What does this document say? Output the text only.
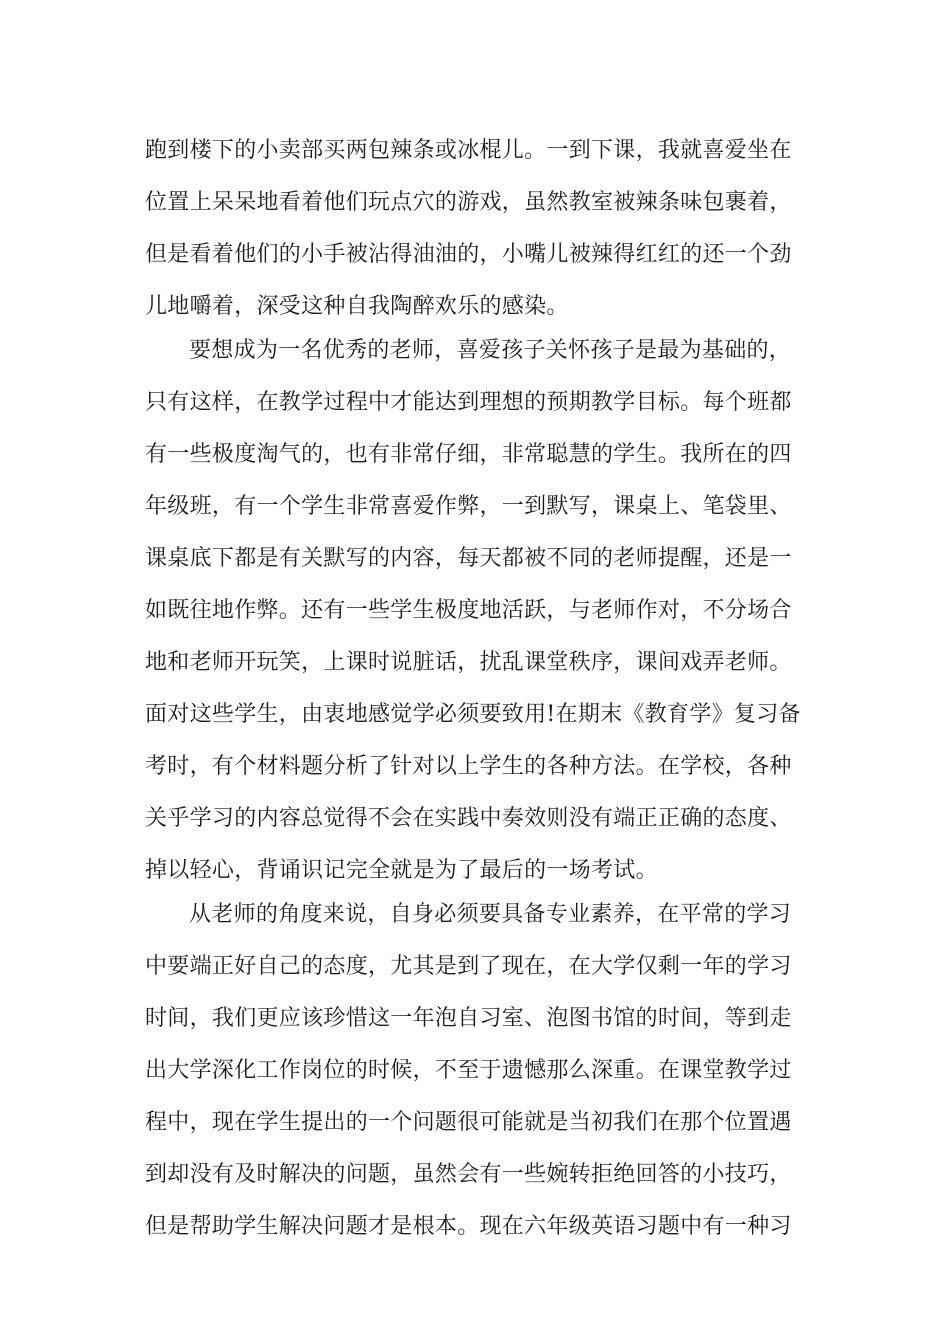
跑到楼下的小卖部买两包辣条或冰棍儿。一到下课，我就喜爱坐在
位置上呆呆地看着他们玩点穴的游戏，虽然教室被辣条味包裹着，
但是看着他们的小手被沾得油油的，小嘴儿被辣得红红的还一个劲
儿地嚼着，深受这种自我陶醉欢乐的感染。
要想成为一名优秀的老师，喜爱孩子关怀孩子是最为基础的，
只有这样，在教学过程中才能达到理想的预期教学目标。每个班都
有一些极度淘气的，也有非常仔细，非常聪慧的学生。我所在的四
年级班，有一个学生非常喜爱作弊，一到默写，课桌上、笔袋里、
课桌底下都是有关默写的内容，每天都被不同的老师提醒，还是一
如既往地作弊。还有一些学生极度地活跃，与老师作对，不分场合
地和老师开玩笑，上课时说脏话，扰乱课堂秩序，课间戏弄老师。
面对这些学生，由衷地感觉学必须要致用!在期末《教育学》复习备
考时，有个材料题分析了针对以上学生的各种方法。在学校，各种
关乎学习的内容总觉得不会在实践中奏效则没有端正正确的态度、
掉以轻心，背诵识记完全就是为了最后的一场考试。
从老师的角度来说，自身必须要具备专业素养，在平常的学习
中要端正好自己的态度，尤其是到了现在，在大学仅剩一年的学习
时间，我们更应该珍惜这一年泡自习室、泡图书馆的时间，等到走
出大学深化工作岗位的时候，不至于遗憾那么深重。在课堂教学过
程中，现在学生提出的一个问题很可能就是当初我们在那个位置遇
到却没有及时解决的问题，虽然会有一些婉转拒绝回答的小技巧，
但是帮助学生解决问题才是根本。现在六年级英语习题中有一种习
